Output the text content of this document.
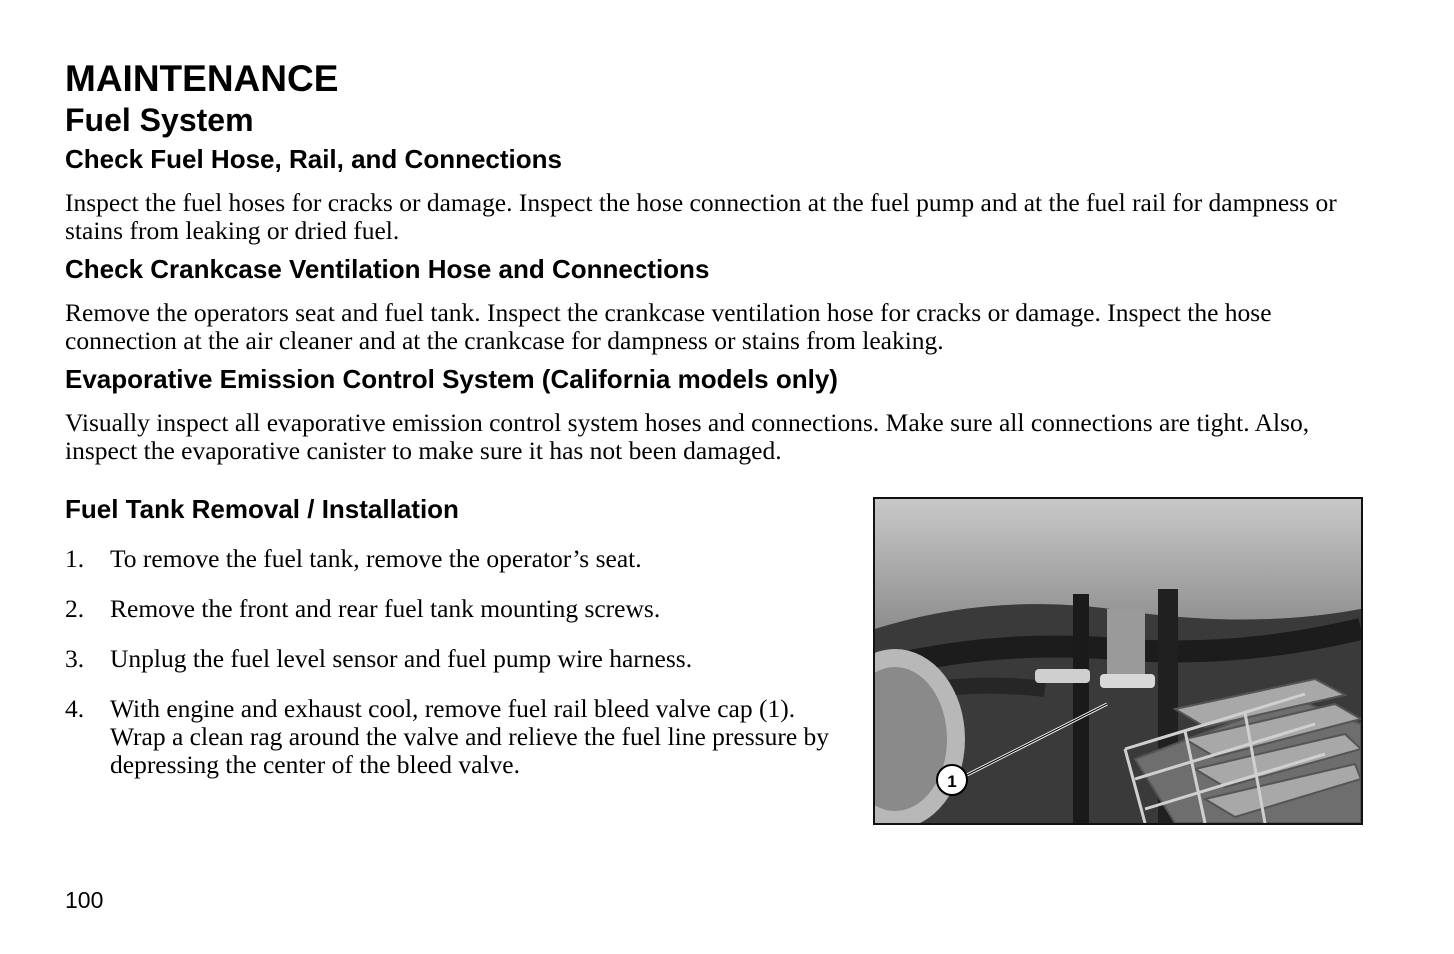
MAINTENANCE
Fuel System
Check Fuel Hose, Rail, and Connections

Inspect the fuel hoses for cracks or damage. Inspect the hose connection at the fuel pump and at the fuel rail for dampness or stains from leaking or dried fuel.

Check Crankcase Ventilation Hose and Connections

Remove the operators seat and fuel tank. Inspect the crankcase ventilation hose for cracks or damage. Inspect the hose connection at the air cleaner and at the crankcase for dampness or stains from leaking.

Evaporative Emission Control System (California models only)

Visually inspect all evaporative emission control system hoses and connections. Make sure all connections are tight. Also, inspect the evaporative canister to make sure it has not been damaged.

Fuel Tank Removal / Installation
1.	To remove the fuel tank, remove the operator’s seat.
2.	Remove the front and rear fuel tank mounting screws.
3.	Unplug the fuel level sensor and fuel pump wire harness.
4.	With engine and exhaust cool, remove fuel rail bleed valve cap (1). Wrap a clean rag around the valve and relieve the fuel line pressure by depressing the center of the bleed valve.
1
100
